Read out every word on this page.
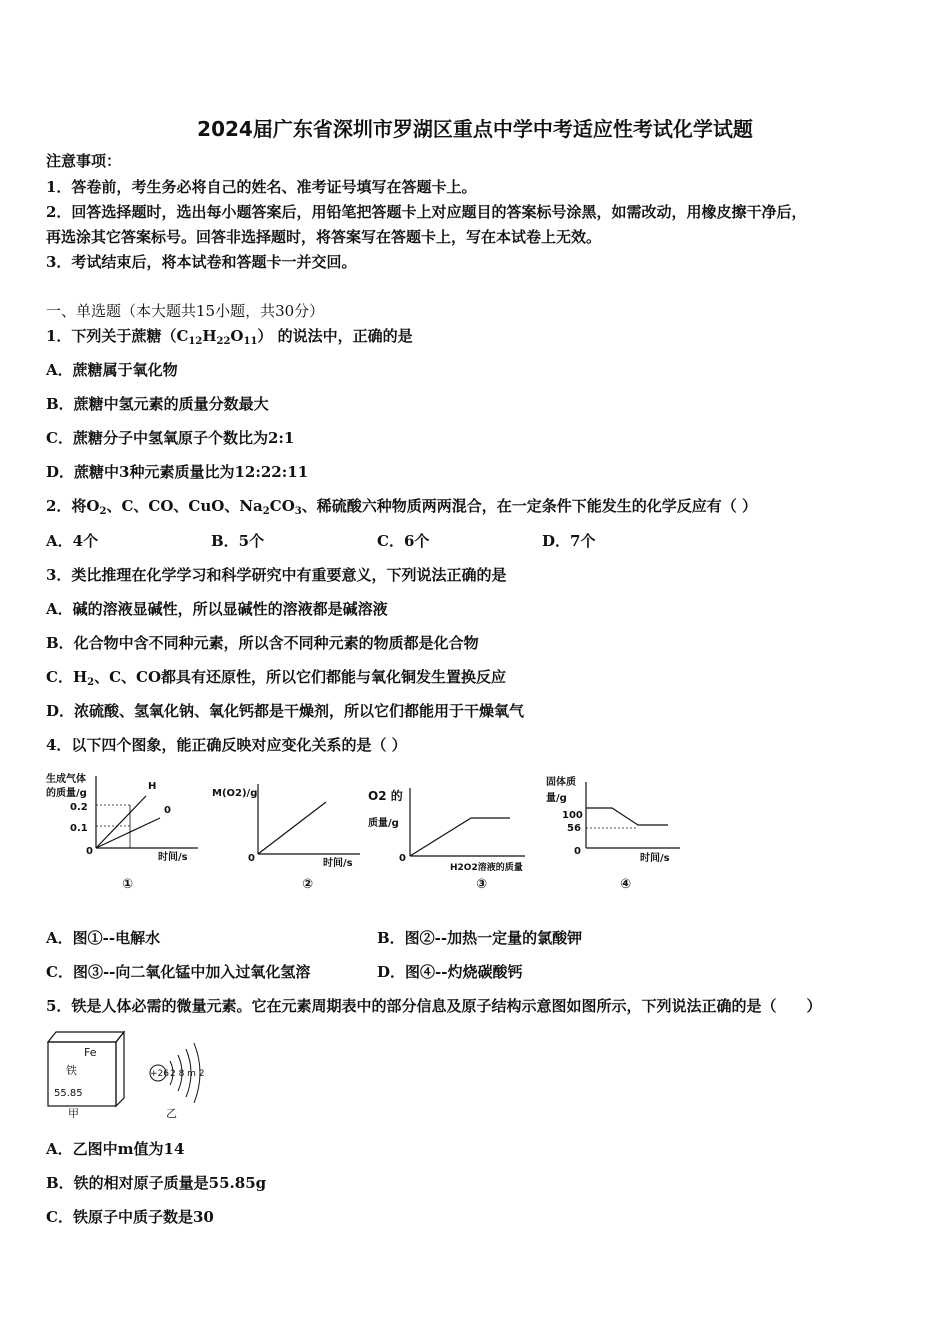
2024届广东省深圳市罗湖区重点中学中考适应性考试化学试题
注意事项：
1．答卷前，考生务必将自己的姓名、准考证号填写在答题卡上。
2．回答选择题时，选出每小题答案后，用铅笔把答题卡上对应题目的答案标号涂黑，如需改动，用橡皮擦干净后，
再选涂其它答案标号。回答非选择题时，将答案写在答题卡上，写在本试卷上无效。
3．考试结束后，将本试卷和答题卡一并交回。
一、单选题（本大题共15小题，共30分）
1．下列关于蔗糖$(C_{12}H_{22}O_{11})$ 的说法中，正确的是
A．蔗糖属于氧化物
B．蔗糖中氢元素的质量分数最大
C．蔗糖分子中氢氧原子个数比为2:1
D．蔗糖中3种元素质量比为12:22:11
2．将$O_2$、C、CO、CuO、$Na_2CO_3$、稀硫酸六种物质两两混合，在一定条件下能发生的化学反应有（ ）
A．4个	B．5个	C．6个	D．7个
3．类比推理在化学学习和科学研究中有重要意义，下列说法正确的是
A．碱的溶液显碱性，所以显碱性的溶液都是碱溶液
B．化合物中含不同种元素，所以含不同种元素的物质都是化合物
C．$H_2$、C、CO都具有还原性，所以它们都能与氧化铜发生置换反应
D．浓硫酸、氢氧化钠、氧化钙都是干燥剂，所以它们都能用于干燥氧气
4．以下四个图象，能正确反映对应变化关系的是（ ）
生成气体
的质量/g
0.2
0.1
0
时间/s
H
0
①
M(O2)/g
0	时间/s
②
O2 的
质量/g
0
H2O2溶液的质量
③
固体质
量/g
100
56
0
时间/s
④
A．图①--电解水	B．图②--加热一定量的氯酸钾
C．图③--向二氧化锰中加入过氧化氢溶	D．图④--灼烧碳酸钙
5．铁是人体必需的微量元素。它在元素周期表中的部分信息及原子结构示意图如图所示，下列说法正确的是（　　）
Fe
铁
55.85
甲
+26 2 8 m 2
乙
A．乙图中m值为14
B．铁的相对原子质量是55.85g
C．铁原子中质子数是30
